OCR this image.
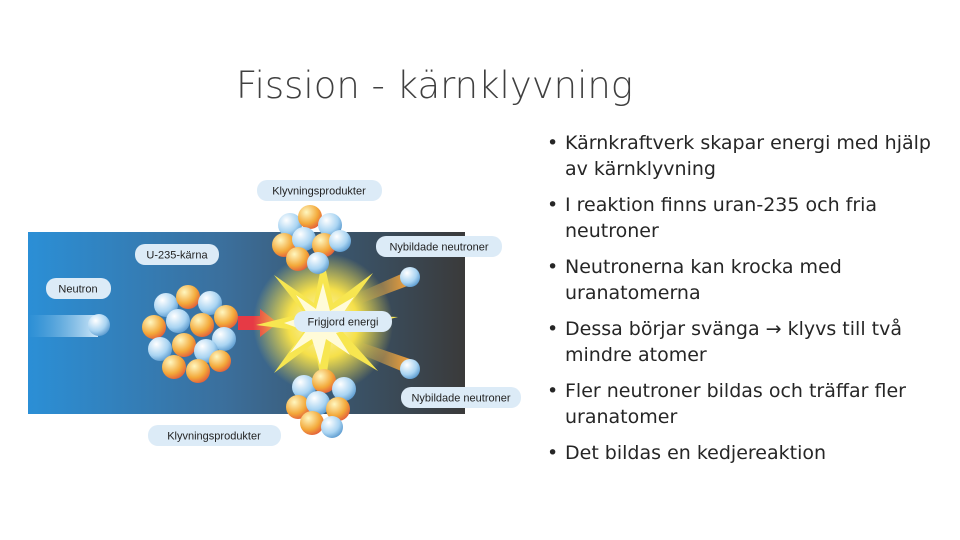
Fission - kärnklyvning
Klyvningsprodukter
U-235-kärna
Neutron
Frigjord energi
Nybildade neutroner
Nybildade neutroner
Klyvningsprodukter
• Kärnkraftverk skapar energi med hjälp av kärnklyvning
• I reaktion finns uran-235 och fria neutroner
• Neutronerna kan krocka med uranatomerna
• Dessa börjar svänga → klyvs till två mindre atomer
• Fler neutroner bildas och träffar fler uranatomer
• Det bildas en kedjereaktion
